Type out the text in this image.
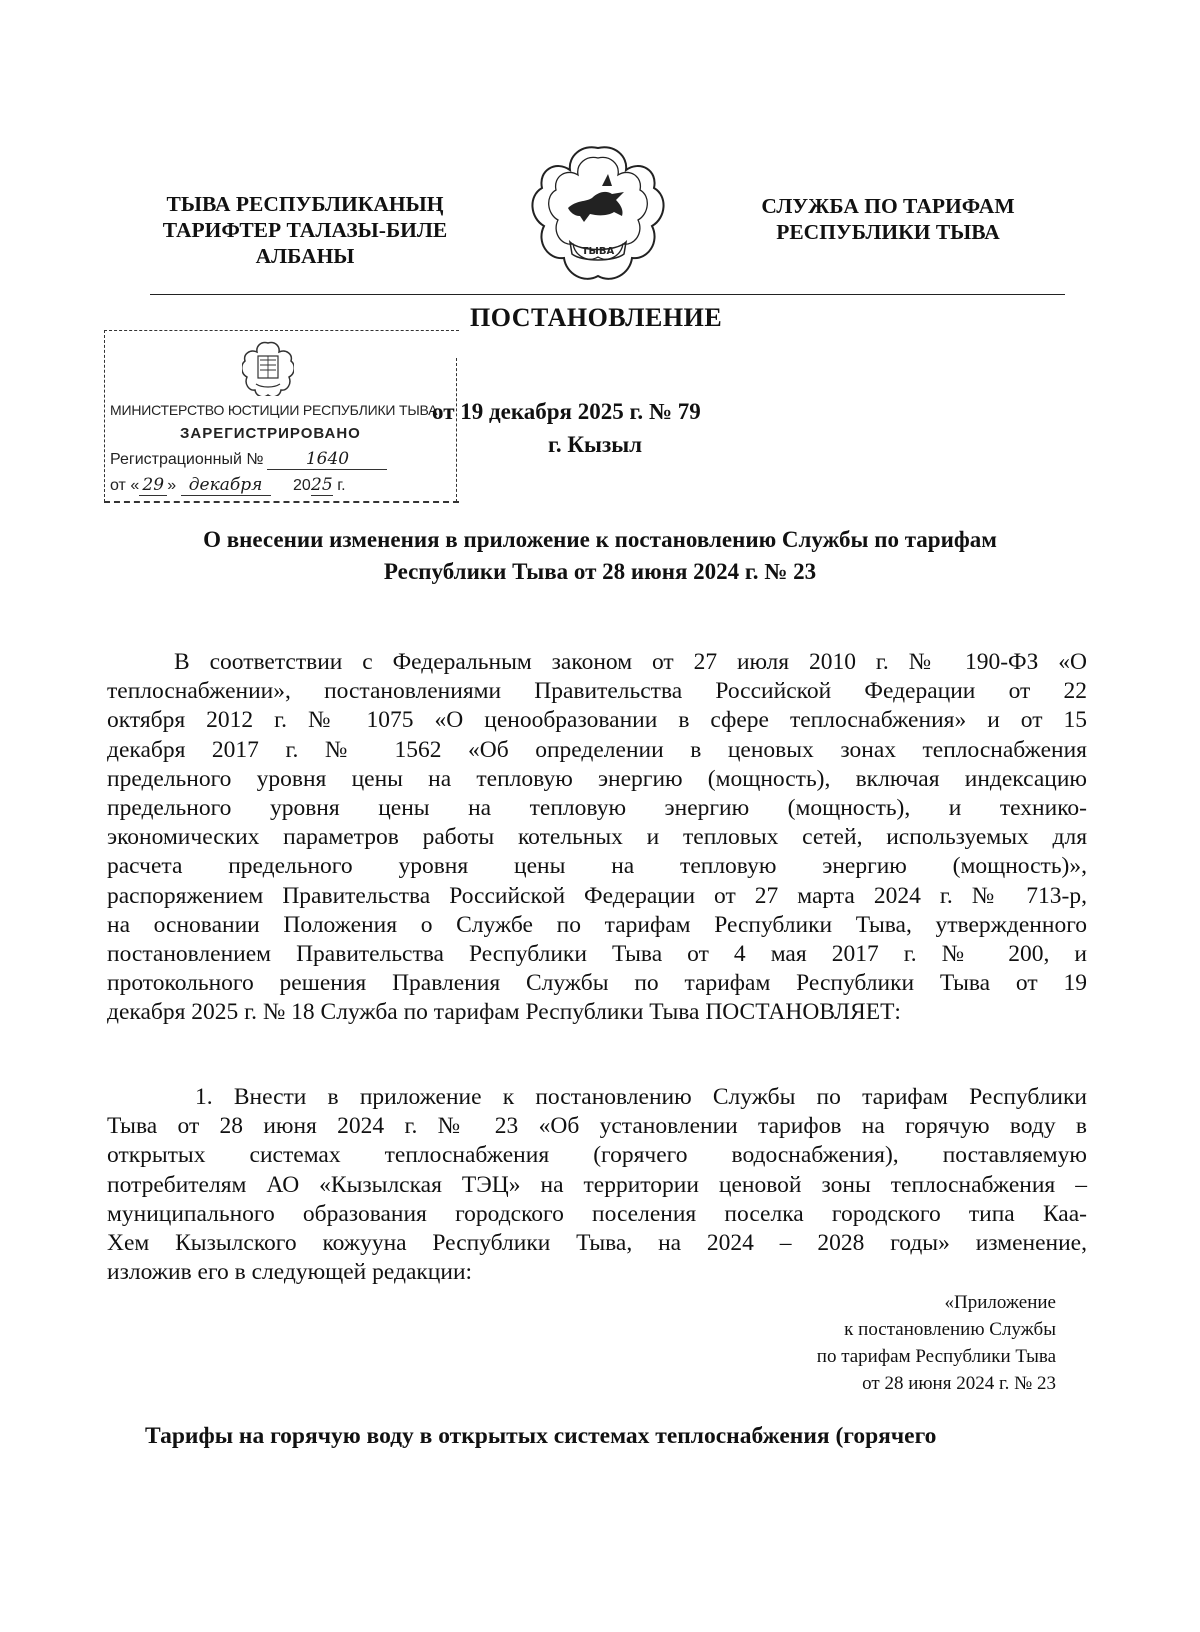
ТЫВА РЕСПУБЛИКАНЫҢ
ТАРИФТЕР ТАЛАЗЫ-БИЛЕ
АЛБАНЫ	ТЫВА
СЛУЖБА ПО ТАРИФАМ
РЕСПУБЛИКИ ТЫВА
ПОСТАНОВЛЕНИЕ
МИНИСТЕРСТВО ЮСТИЦИИ РЕСПУБЛИКИ ТЫВА
ЗАРЕГИСТРИРОВАНО
Регистрационный № 1640
от « 29 » декабря 2025 г.
от 19 декабря 2025 г. № 79
г. Кызыл
О внесении изменения в приложение к постановлению Службы по тарифам
Республики Тыва от 28 июня 2024 г. № 23
В соответствии с Федеральным законом от 27 июля 2010 г. № 190-ФЗ «О
теплоснабжении», постановлениями Правительства Российской Федерации от 22
октября 2012 г. № 1075 «О ценообразовании в сфере теплоснабжения» и от 15
декабря 2017 г. № 1562 «Об определении в ценовых зонах теплоснабжения
предельного уровня цены на тепловую энергию (мощность), включая индексацию
предельного уровня цены на тепловую энергию (мощность), и технико-
экономических параметров работы котельных и тепловых сетей, используемых для
расчета предельного уровня цены на тепловую энергию (мощность)»,
распоряжением Правительства Российской Федерации от 27 марта 2024 г. № 713-р,
на основании Положения о Службе по тарифам Республики Тыва, утвержденного
постановлением Правительства Республики Тыва от 4 мая 2017 г. № 200, и
протокольного решения Правления Службы по тарифам Республики Тыва от 19
декабря 2025 г. № 18 Служба по тарифам Республики Тыва ПОСТАНОВЛЯЕТ:
1. Внести в приложение к постановлению Службы по тарифам Республики
Тыва от 28 июня 2024 г. № 23 «Об установлении тарифов на горячую воду в
открытых системах теплоснабжения (горячего водоснабжения), поставляемую
потребителям АО «Кызылская ТЭЦ» на территории ценовой зоны теплоснабжения –
муниципального образования городского поселения поселка городского типа Каа-
Хем Кызылского кожууна Республики Тыва, на 2024 – 2028 годы» изменение,
изложив его в следующей редакции:
«Приложение
к постановлению Службы
по тарифам Республики Тыва
от 28 июня 2024 г. № 23
Тарифы на горячую воду в открытых системах теплоснабжения (горячего
